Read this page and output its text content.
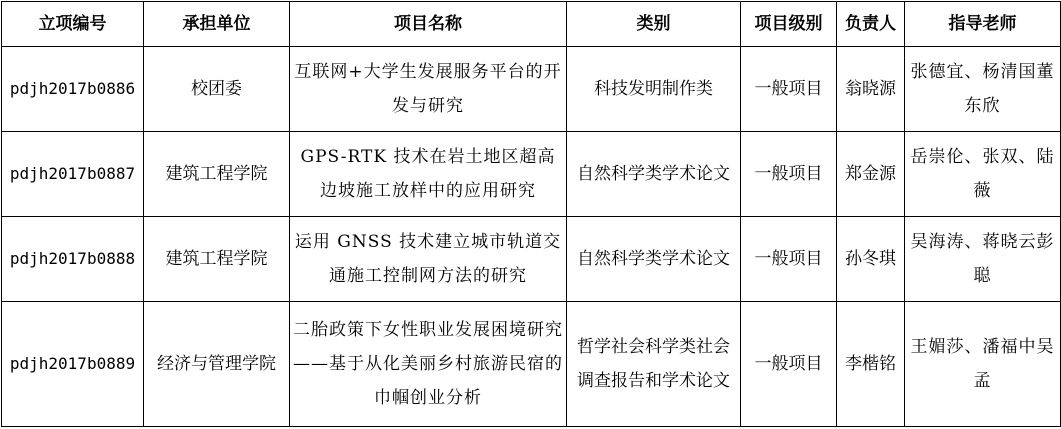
立项编号	承担单位	项目名称	类别	项目级别	负责人	指导老师
pdjh2017b0886	校团委	互联网+大学生发展服务平台的开发与研究	科技发明制作类	一般项目	翁晓源	张德宜、杨清国董东欣
pdjh2017b0887	建筑工程学院	GPS-RTK 技术在岩土地区超高边坡施工放样中的应用研究	自然科学类学术论文	一般项目	郑金源	岳崇伦、张双、陆薇
pdjh2017b0888	建筑工程学院	运用 GNSS 技术建立城市轨道交通施工控制网方法的研究	自然科学类学术论文	一般项目	孙冬琪	吴海涛、蒋晓云彭聪
pdjh2017b0889	经济与管理学院	二胎政策下女性职业发展困境研究——基于从化美丽乡村旅游民宿的巾帼创业分析	哲学社会科学类社会调查报告和学术论文	一般项目	李楷铭	王媚莎、潘福中吴孟
